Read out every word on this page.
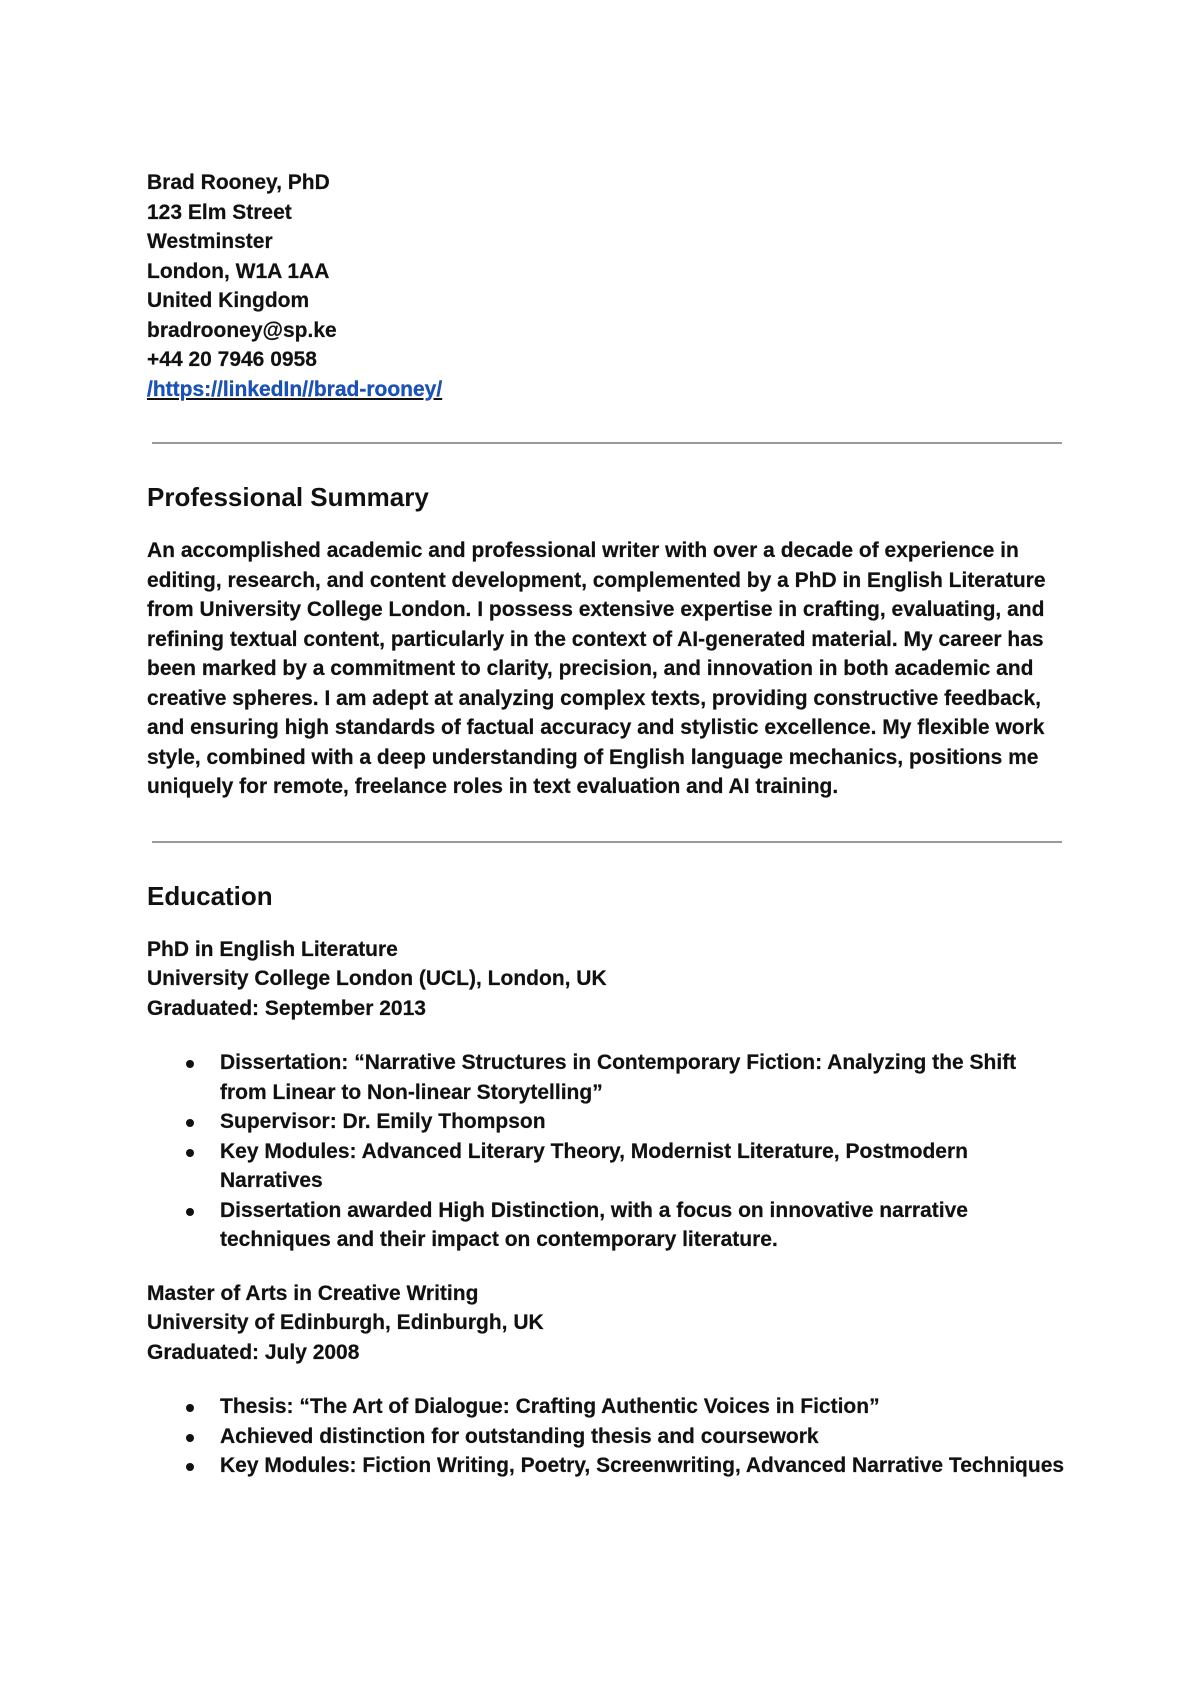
Brad Rooney, PhD
123 Elm Street
Westminster
London, W1A 1AA
United Kingdom
bradrooney@sp.ke
+44 20 7946 0958
/https://linkedIn//brad-rooney/
Professional Summary
An accomplished academic and professional writer with over a decade of experience in editing, research, and content development, complemented by a PhD in English Literature from University College London. I possess extensive expertise in crafting, evaluating, and refining textual content, particularly in the context of AI-generated material. My career has been marked by a commitment to clarity, precision, and innovation in both academic and creative spheres. I am adept at analyzing complex texts, providing constructive feedback, and ensuring high standards of factual accuracy and stylistic excellence. My flexible work style, combined with a deep understanding of English language mechanics, positions me uniquely for remote, freelance roles in text evaluation and AI training.
Education
PhD in English Literature
University College London (UCL), London, UK
Graduated: September 2013
Dissertation: “Narrative Structures in Contemporary Fiction: Analyzing the Shift from Linear to Non-linear Storytelling”
Supervisor: Dr. Emily Thompson
Key Modules: Advanced Literary Theory, Modernist Literature, Postmodern Narratives
Dissertation awarded High Distinction, with a focus on innovative narrative techniques and their impact on contemporary literature.
Master of Arts in Creative Writing
University of Edinburgh, Edinburgh, UK
Graduated: July 2008
Thesis: “The Art of Dialogue: Crafting Authentic Voices in Fiction”
Achieved distinction for outstanding thesis and coursework
Key Modules: Fiction Writing, Poetry, Screenwriting, Advanced Narrative Techniques
